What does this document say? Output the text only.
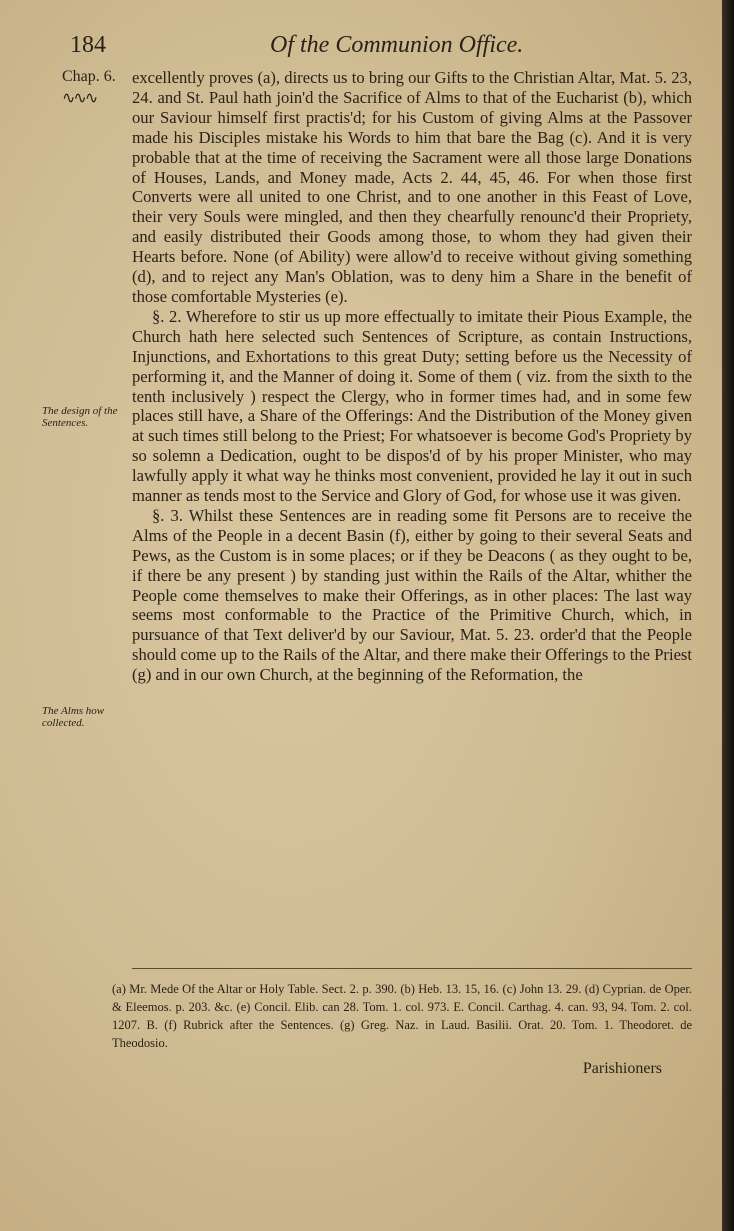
184	Of the Communion Office.
Chap. 6.
∿∿∿
The design of the Sentences.
The Alms how collected.

excellently proves (a), directs us to bring our Gifts to the Christian Altar, Mat. 5. 23, 24. and St. Paul hath join'd the Sacrifice of Alms to that of the Eucharist (b), which our Saviour himself first practis'd; for his Custom of giving Alms at the Passover made his Disciples mistake his Words to him that bare the Bag (c). And it is very probable that at the time of receiving the Sacrament were all those large Donations of Houses, Lands, and Money made, Acts 2. 44, 45, 46. For when those first Converts were all united to one Christ, and to one another in this Feast of Love, their very Souls were mingled, and then they chearfully renounc'd their Propriety, and easily distributed their Goods among those, to whom they had given their Hearts before. None (of Ability) were allow'd to receive without giving something (d), and to reject any Man's Oblation, was to deny him a Share in the benefit of those comfortable Mysteries (e).

§. 2. Wherefore to stir us up more effectually to imitate their Pious Example, the Church hath here selected such Sentences of Scripture, as contain Instructions, Injunctions, and Exhortations to this great Duty; setting before us the Necessity of performing it, and the Manner of doing it. Some of them ( viz. from the sixth to the tenth inclusively ) respect the Clergy, who in former times had, and in some few places still have, a Share of the Offerings: And the Distribution of the Money given at such times still belong to the Priest; For whatsoever is become God's Propriety by so solemn a Dedication, ought to be dispos'd of by his proper Minister, who may lawfully apply it what way he thinks most convenient, provided he lay it out in such manner as tends most to the Service and Glory of God, for whose use it was given.

§. 3. Whilst these Sentences are in reading some fit Persons are to receive the Alms of the People in a decent Basin (f), either by going to their several Seats and Pews, as the Custom is in some places; or if they be Deacons ( as they ought to be, if there be any present ) by standing just within the Rails of the Altar, whither the People come themselves to make their Offerings, as in other places: The last way seems most conformable to the Practice of the Primitive Church, which, in pursuance of that Text deliver'd by our Saviour, Mat. 5. 23. order'd that the People should come up to the Rails of the Altar, and there make their Offerings to the Priest (g) and in our own Church, at the beginning of the Reformation, the

(a) Mr. Mede Of the Altar or Holy Table. Sect. 2. p. 390. (b) Heb. 13. 15, 16. (c) John 13. 29. (d) Cyprian. de Oper. & Eleemos. p. 203. &c. (e) Concil. Elib. can 28. Tom. 1. col. 973. E. Concil. Carthag. 4. can. 93, 94. Tom. 2. col. 1207. B. (f) Rubrick after the Sentences. (g) Greg. Naz. in Laud. Basilii. Orat. 20. Tom. 1. Theodoret. de Theodosio.
Parishioners
